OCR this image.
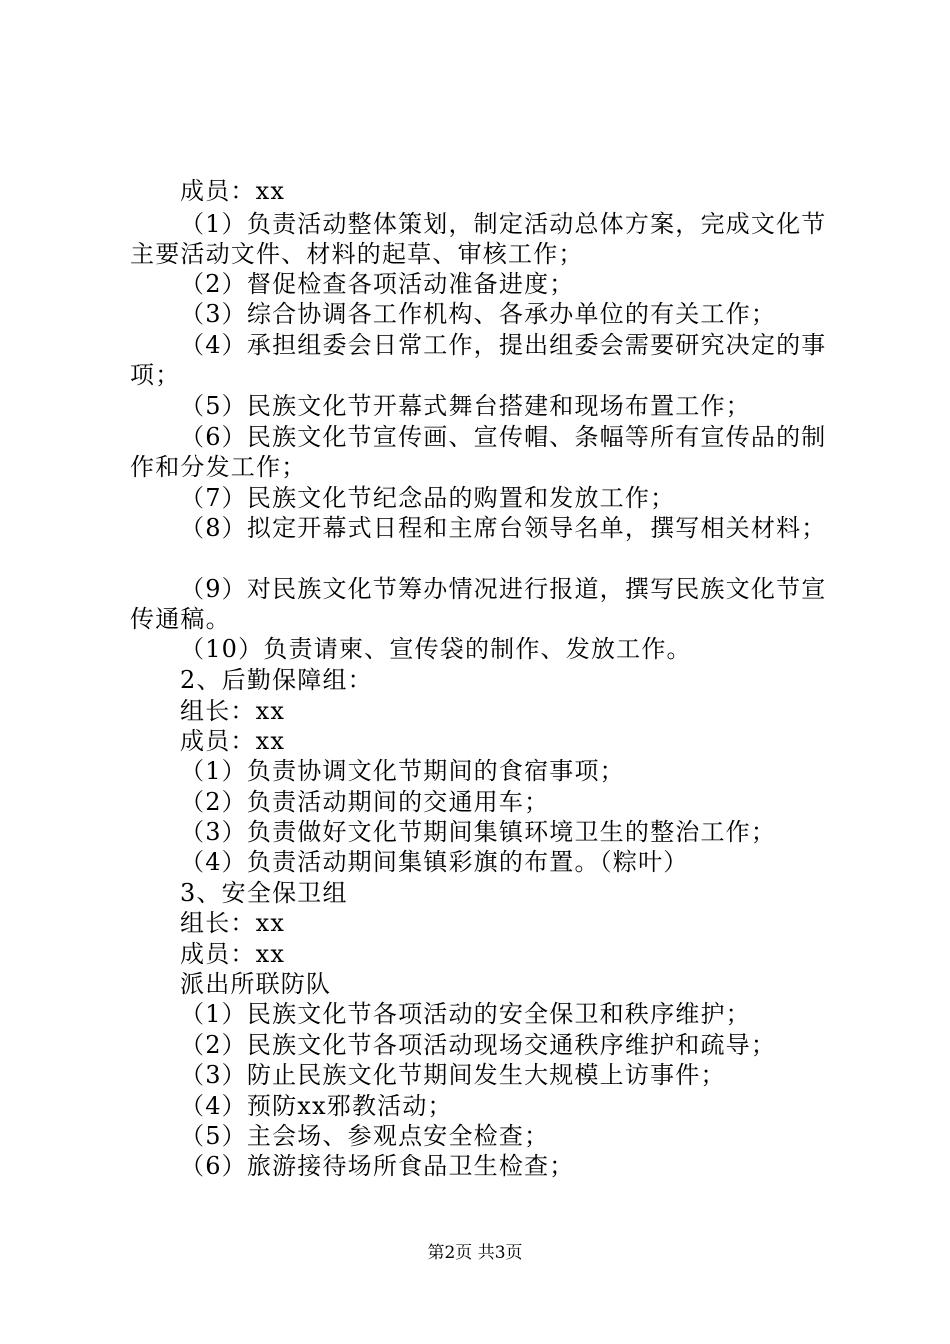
成员：xx
（1）负责活动整体策划，制定活动总体方案，完成文化节
主要活动文件、材料的起草、审核工作；
（2）督促检查各项活动准备进度；
（3）综合协调各工作机构、各承办单位的有关工作；
（4）承担组委会日常工作，提出组委会需要研究决定的事
项；
（5）民族文化节开幕式舞台搭建和现场布置工作；
（6）民族文化节宣传画、宣传帽、条幅等所有宣传品的制
作和分发工作；
（7）民族文化节纪念品的购置和发放工作；
（8）拟定开幕式日程和主席台领导名单，撰写相关材料；
（9）对民族文化节筹办情况进行报道，撰写民族文化节宣
传通稿。
（10）负责请柬、宣传袋的制作、发放工作。
2、后勤保障组：
组长：xx
成员：xx
（1）负责协调文化节期间的食宿事项；
（2）负责活动期间的交通用车；
（3）负责做好文化节期间集镇环境卫生的整治工作；
（4）负责活动期间集镇彩旗的布置。（粽叶）
3、安全保卫组
组长：xx
成员：xx
派出所联防队
（1）民族文化节各项活动的安全保卫和秩序维护；
（2）民族文化节各项活动现场交通秩序维护和疏导；
（3）防止民族文化节期间发生大规模上访事件；
（4）预防xx邪教活动；
（5）主会场、参观点安全检查；
（6）旅游接待场所食品卫生检查；
第2页 共3页
